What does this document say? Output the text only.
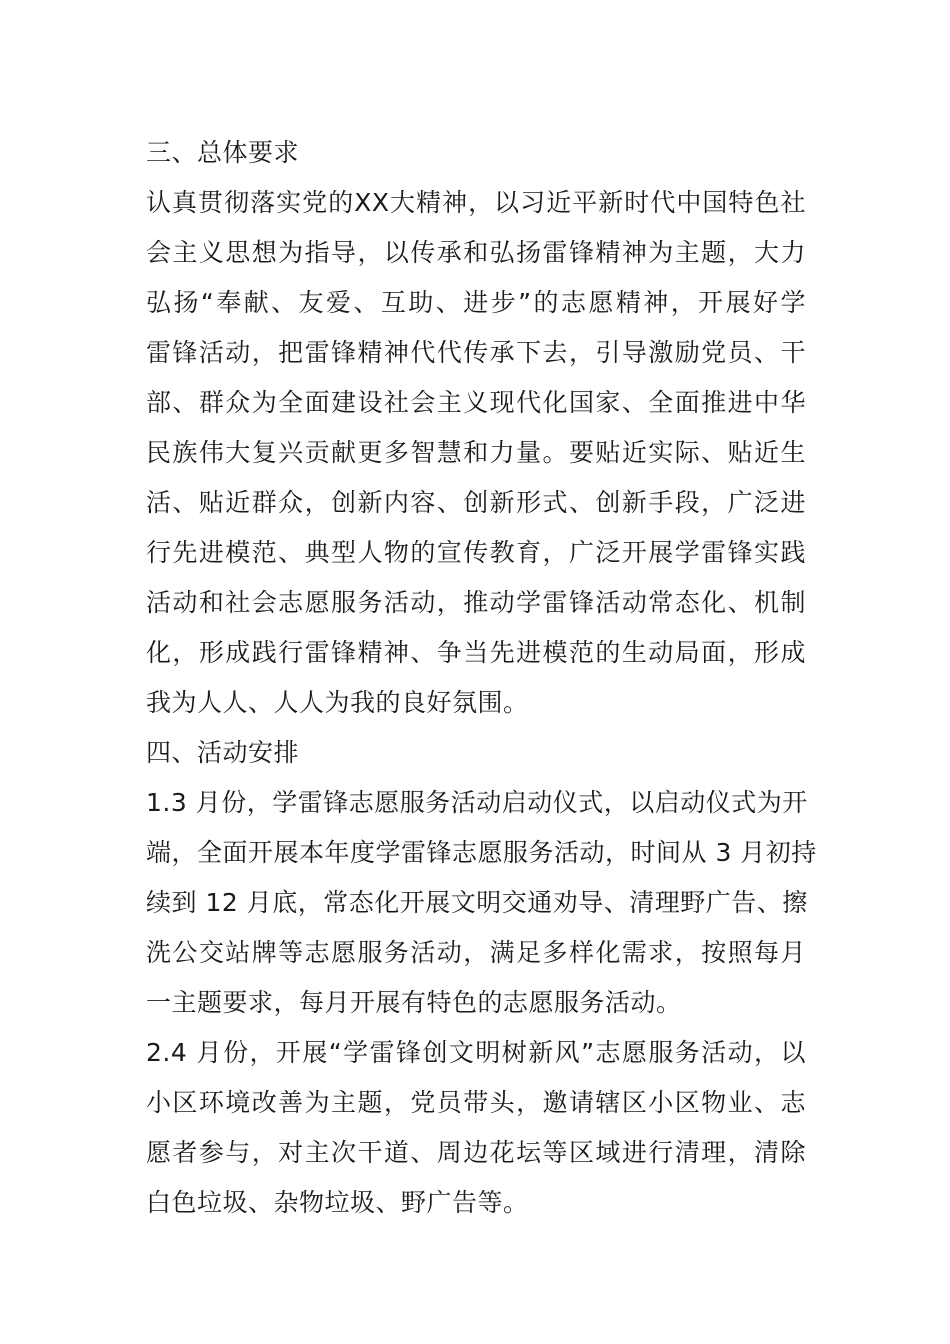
三、总体要求
认真贯彻落实党的XX大精神，以习近平新时代中国特色社
会主义思想为指导，以传承和弘扬雷锋精神为主题，大力
弘扬“奉献、友爱、互助、进步”的志愿精神，开展好学
雷锋活动，把雷锋精神代代传承下去，引导激励党员、干
部、群众为全面建设社会主义现代化国家、全面推进中华
民族伟大复兴贡献更多智慧和力量。要贴近实际、贴近生
活、贴近群众，创新内容、创新形式、创新手段，广泛进
行先进模范、典型人物的宣传教育，广泛开展学雷锋实践
活动和社会志愿服务活动，推动学雷锋活动常态化、机制
化，形成践行雷锋精神、争当先进模范的生动局面，形成
我为人人、人人为我的良好氛围。
四、活动安排
1.3 月份，学雷锋志愿服务活动启动仪式，以启动仪式为开
端，全面开展本年度学雷锋志愿服务活动，时间从 3 月初持
续到 12 月底，常态化开展文明交通劝导、清理野广告、擦
洗公交站牌等志愿服务活动，满足多样化需求，按照每月
一主题要求，每月开展有特色的志愿服务活动。
2.4 月份，开展“学雷锋创文明树新风”志愿服务活动，以
小区环境改善为主题，党员带头，邀请辖区小区物业、志
愿者参与，对主次干道、周边花坛等区域进行清理，清除
白色垃圾、杂物垃圾、野广告等。
